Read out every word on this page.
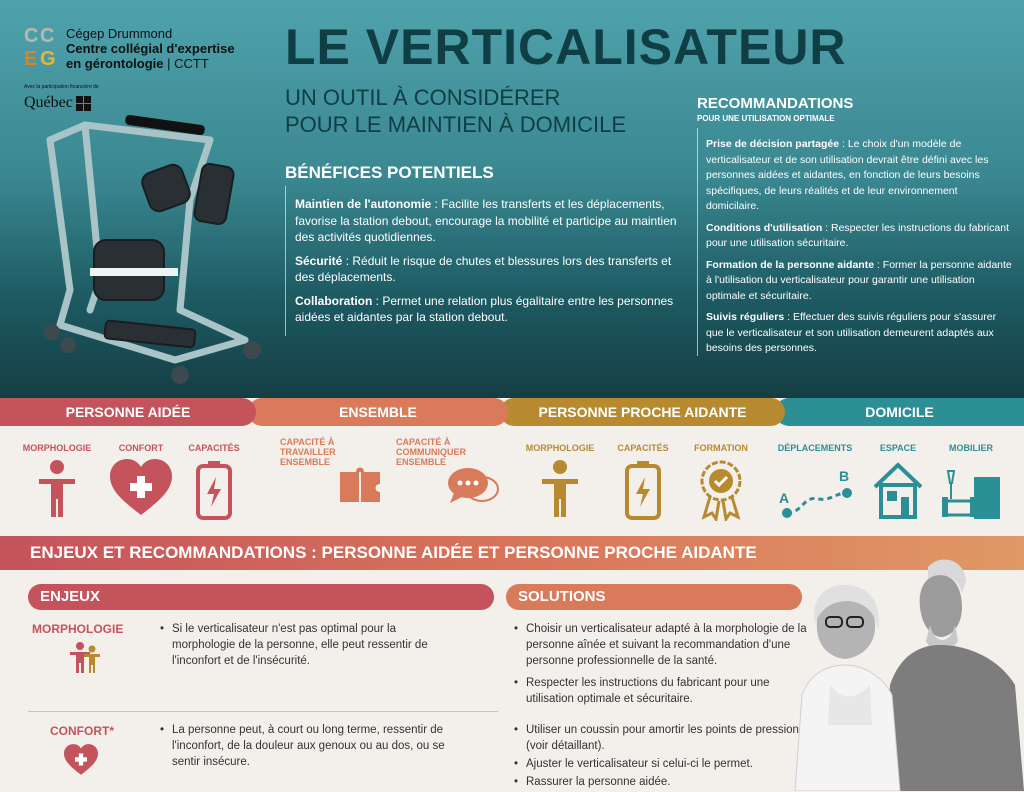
C C
E G
Cégep Drummond
Centre collégial d'expertise
en gérontologie | CCTT
Avec la participation financière de
Québec
LE VERTICALISATEUR
UN OUTIL À CONSIDÉRER
POUR LE MAINTIEN À DOMICILE
BÉNÉFICES POTENTIELS

Maintien de l'autonomie : Facilite les transferts et les déplacements, favorise la station debout, encourage la mobilité et participe au maintien des activités quotidiennes.

Sécurité : Réduit le risque de chutes et blessures lors des transferts et des déplacements.

Collaboration : Permet une relation plus égalitaire entre les personnes aidées et aidantes par la station debout.

RECOMMANDATIONS
POUR UNE UTILISATION OPTIMALE

Prise de décision partagée : Le choix d'un modèle de verticalisateur et de son utilisation devrait être défini avec les personnes aidées et aidantes, en fonction de leurs besoins spécifiques, de leurs réalités et de leur environnement domicilaire.

Conditions d'utilisation : Respecter les instructions du fabricant pour une utilisation sécuritaire.

Formation de la personne aidante : Former la personne aidante à l'utilisation du verticalisateur pour garantir une utilisation optimale et sécuritaire.

Suivis réguliers : Effectuer des suivis réguliers pour s'assurer que le verticalisateur et son utilisation demeurent adaptés aux besoins des personnes.

DOMICILE
PERSONNE PROCHE AIDANTE
ENSEMBLE
PERSONNE AIDÉE
MORPHOLOGIE	CONFORT	CAPACITÉS
CAPACITÉ À TRAVAILLER ENSEMBLE
CAPACITÉ À COMMUNIQUER ENSEMBLE
MORPHOLOGIE	CAPACITÉS	FORMATION	DÉPLACEMENTS
A
B
ESPACE	MOBILIER
ENJEUX ET RECOMMANDATIONS : PERSONNE AIDÉE ET PERSONNE PROCHE AIDANTE
ENJEUX	SOLUTIONS
MORPHOLOGIE	• Si le verticalisateur n'est pas optimal pour la morphologie de la personne, elle peut ressentir de l'inconfort et de l'insécurité.
• Choisir un verticalisateur adapté à la morphologie de la personne aînée et suivant la recommandation d'une personne professionnelle de la santé.
• Respecter les instructions du fabricant pour une utilisation optimale et sécuritaire.
CONFORT*	• La personne peut, à court ou long terme, ressentir de l'inconfort, de la douleur aux genoux ou au dos, ou se sentir insécure.
• Utiliser un coussin pour amortir les points de pression (voir détaillant).
• Ajuster le verticalisateur si celui-ci le permet.
• Rassurer la personne aidée.
